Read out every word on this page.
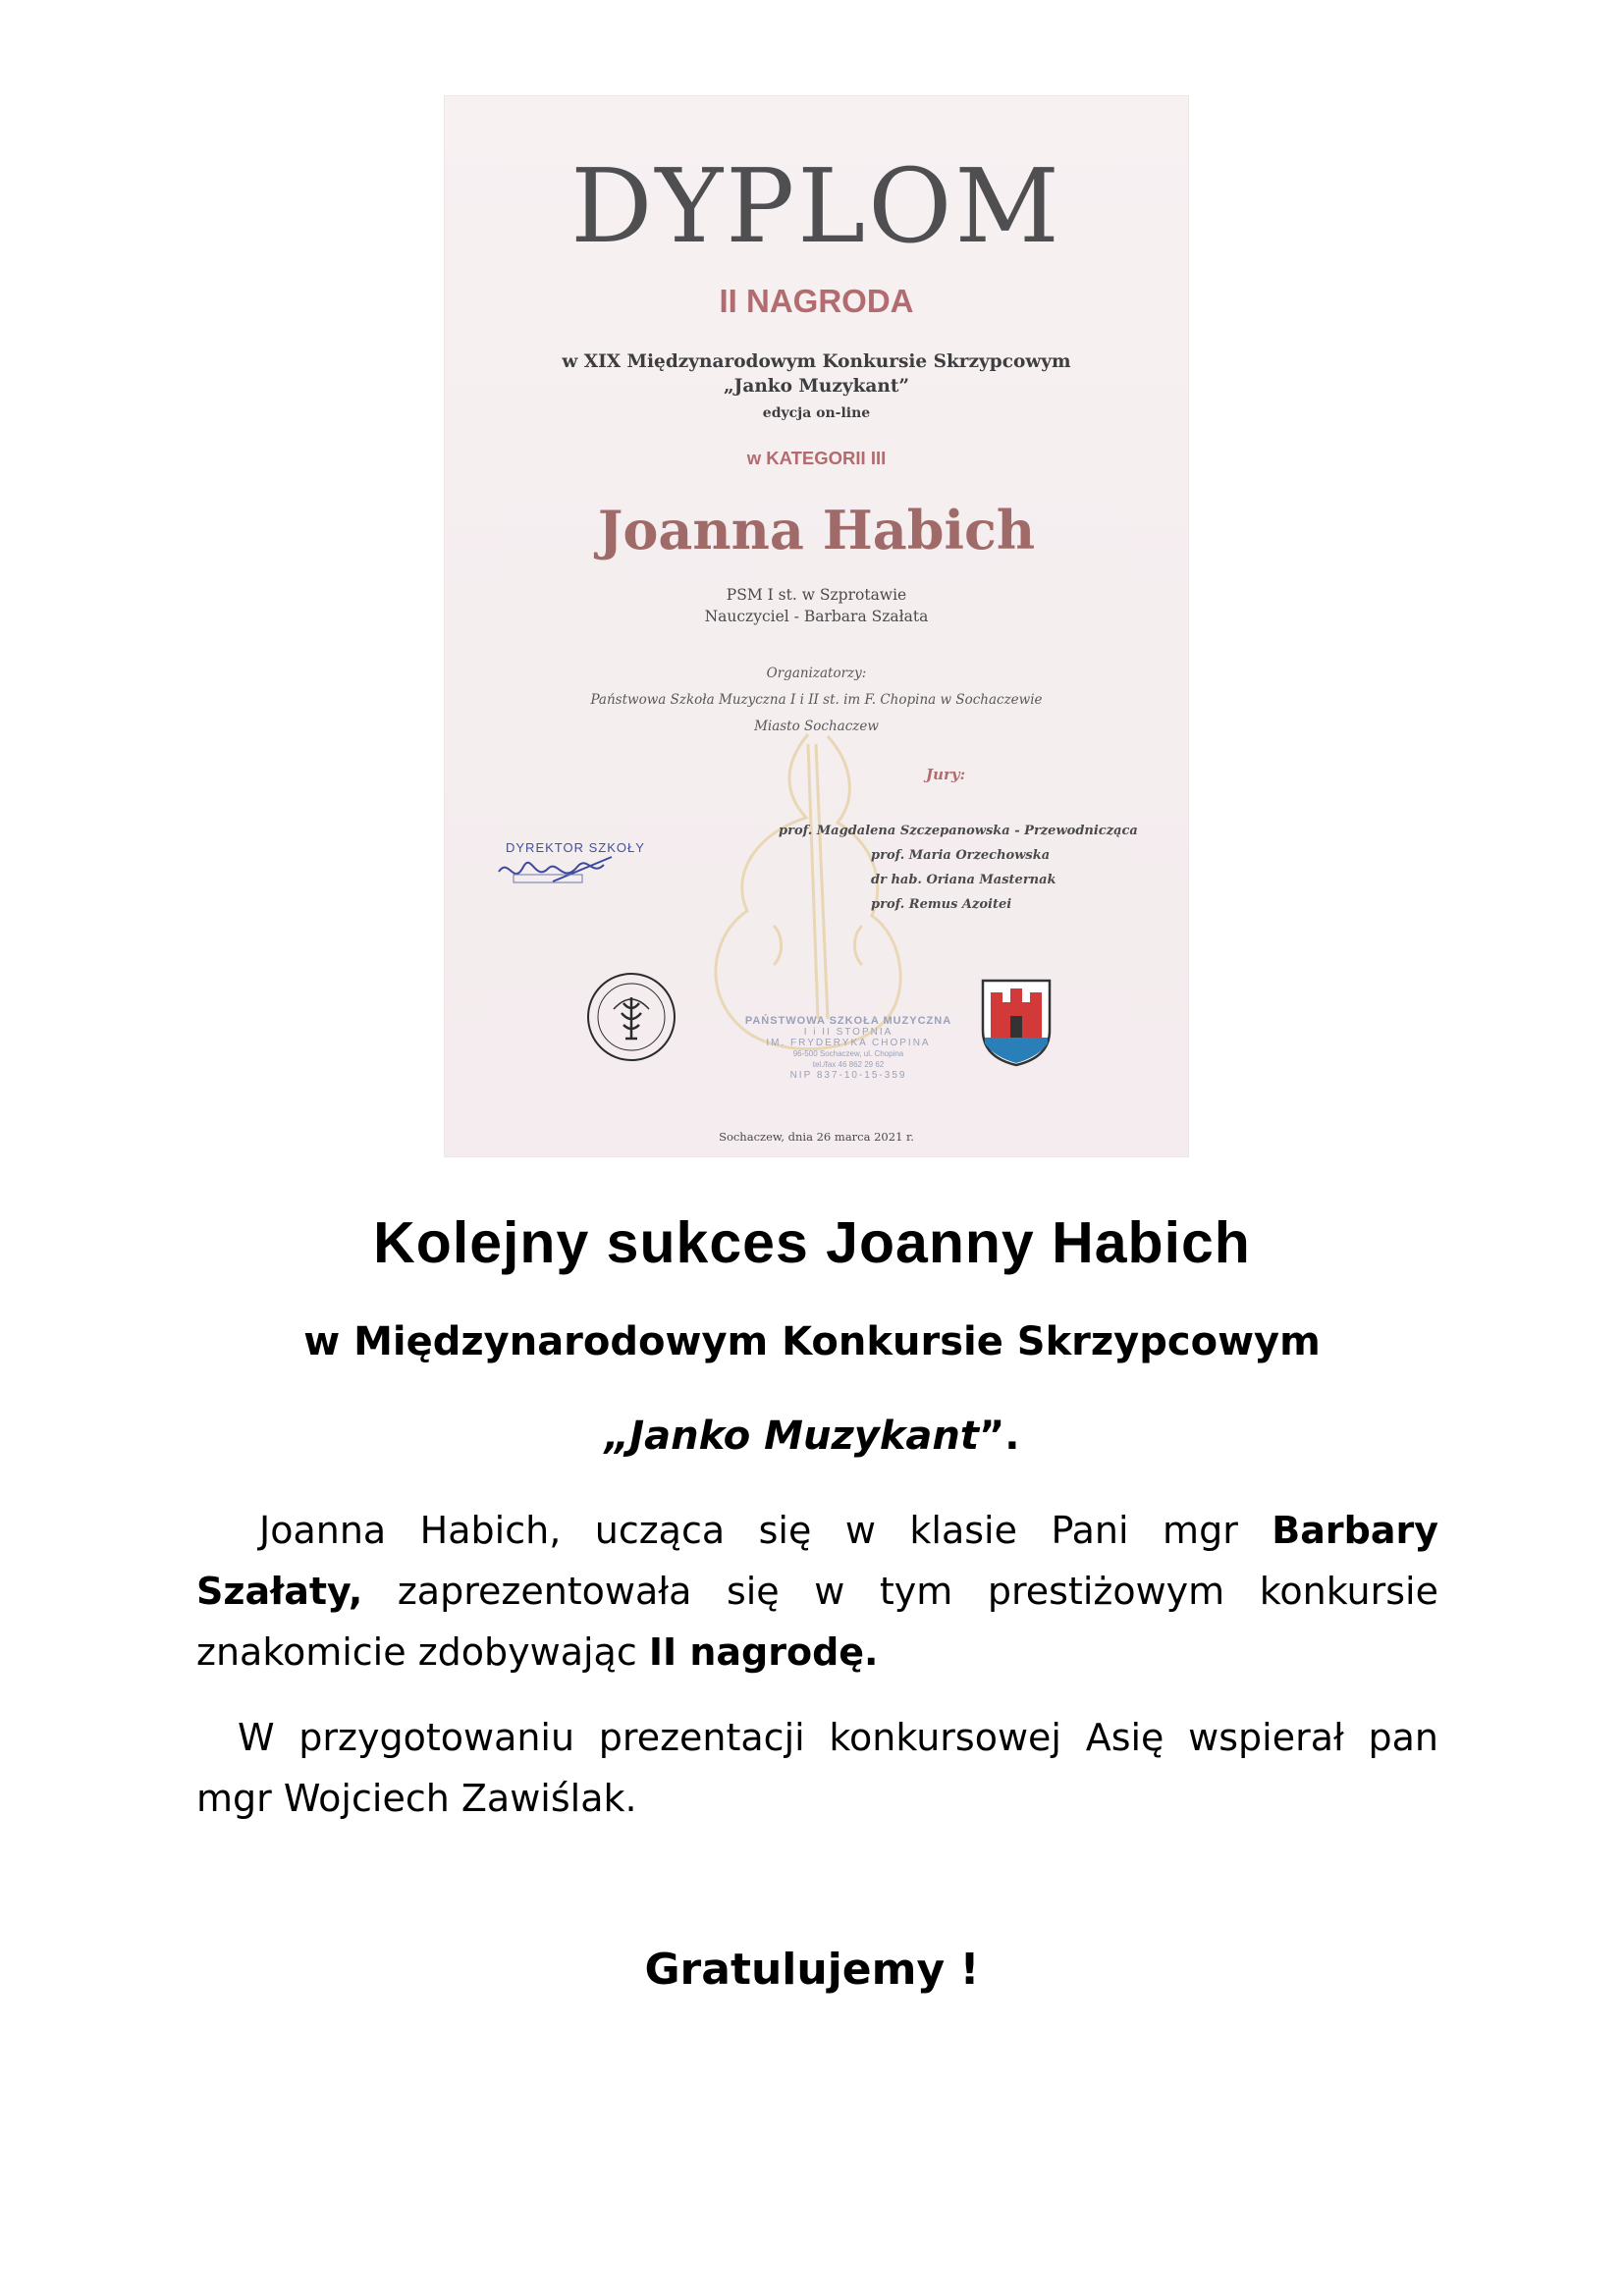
DYPLOM
II NAGRODA
w XIX Międzynarodowym Konkursie Skrzypcowym
„Janko Muzykant”
edycja on-line
w KATEGORII III
Joanna Habich
PSM I st. w Szprotawie
Nauczyciel - Barbara Szałata
Organizatorzy:
Państwowa Szkoła Muzyczna I i II st. im F. Chopina w Sochaczewie
Miasto Sochaczew
Jury:
prof. Magdalena Szczepanowska - Przewodnicząca
prof. Maria Orzechowska
dr hab. Oriana Masternak
prof. Remus Azoitei
DYREKTOR SZKOŁY
PAŃSTWOWA SZKOŁA MUZYCZNA
I i II STOPNIA
IM. FRYDERYKA CHOPINA
96-500 Sochaczew, ul. Chopina
tel./fax 46 862 29 62
NIP 837-10-15-359
Sochaczew, dnia 26 marca 2021 r.
Kolejny sukces Joanny Habich
w Międzynarodowym Konkursie Skrzypcowym
„Janko Muzykant”.
Joanna Habich, ucząca się w klasie Pani mgr Barbary Szałaty, zaprezentowała się w tym prestiżowym konkursie znakomicie zdobywając II nagrodę.
W przygotowaniu prezentacji konkursowej Asię wspierał pan mgr Wojciech Zawiślak.
Gratulujemy !
